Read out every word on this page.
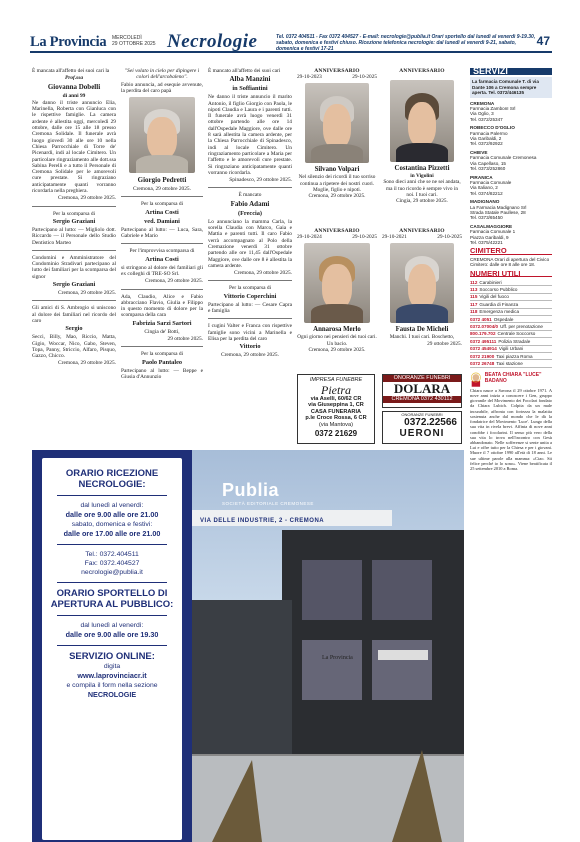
La Provincia MERCOLEDÌ
29 OTTOBRE 2025 Necrologie	Tel. 0372 404511 - Fax 0372 404527 - E-mail: necrologie@publia.it Orari sportello dal lunedì al venerdì 9-19.30, sabato, domenica e festivi chiuso. Ricezione telefonica necrologie: dal lunedì al venerdì 9-21, sabato, domenica e festivi 17-21
47

È mancata all'affetto dei suoi cari la

Prof.ssa

Giovanna Dobelli

di anni 99

Ne danno il triste annuncio Elia, Marinella, Roberta con Gianluca con le rispettive famiglie. La camera ardente è allestita oggi, mercoledì 29 ottobre, dalle ore 15 alle 18 presso Cremona Solidale. Il funerale avrà luogo giovedì 30 alle ore 10 nella Chiesa Parrocchiale di Torre de' Picenardi, indi al locale Cimitero. Un particolare ringraziamento alle dott.ssa Sabina Perelli e a tutto il Personale di Cremona Solidale per le amorevoli cure prestate. Si ringraziano anticipatamente quanti vorranno ricordarla nella preghiera.

Cremona, 29 ottobre 2025.

Per la scomparsa di

Sergio Graziani

Partecipano al lutto: — Migliolo dott. Riccardo — il Personale dello Studio Dentistico Marteo

Condomini e Amministratore del Condominio Stradivari partecipano al lutto dei familiari per la scomparsa del signor

Sergio Graziani

Cremona, 29 ottobre 2025.

Gli amici di S. Ambrogio si uniscono al dolore dei familiari nel ricordo del caro

Sergio

Secci, Billy, Mao, Riccio, Matta, Gigio, Woccar, Nico, Gabo, Steven, Topa, Panny, Striccio, Alfaro, Pisquo, Gazzo, Chicco.

Cremona, 29 ottobre 2025.

"Sei volato in cielo per dipingere i colori dell'arcobaleno".

Fabio annuncia, ad esequie avvenute, la perdita del caro papà

Giorgio Pedretti

Cremona, 29 ottobre 2025.

Per la scomparsa di

Artina Costi

ved. Damiani

Partecipano al lutto: — Luca, Sara, Gabriele e Mario

Per l'improvvisa scomparsa di

Artina Costi

si stringono al dolore dei familiari gli ex colleghi di TRE-SO Srl.

Cremona, 29 ottobre 2025.

Ada, Claudio, Alice e Fabio abbracciano Flavio, Giulia e Filippo in questo momento di dolore per la scomparsa della cara

Fabrizia Sarzi Sartori

Cingia de' Botti,

29 ottobre 2025.

Per la scomparsa di

Paolo Pantaleo

Partecipano al lutto: — Beppe e Giusia d'Annunzio

È mancato all'affetto dei suoi cari

Alba Manzini

in Soffiantini

Ne danno il triste annuncio il marito Antonio, il figlio Giorgio con Paola, le nipoti Claudia e Laura e i parenti tutti. Il funerale avrà luogo venerdì 31 ottobre partendo alle ore 14 dall'Ospedale Maggiore, ove dalle ore 8 sarà allestita la camera ardente, per la Chiesa Parrocchiale di Spinadesco, indi al locale Cimitero. Un ringraziamento particolare a Maria per l'affetto e le amorevoli cure prestate. Si ringraziano anticipatamente quanti vorranno ricordarla.

Spinadesco, 29 ottobre 2025.

È mancato

Fabio Adami

(Freccia)

Lo annunciano la mamma Carla, la sorella Claudia con Marco, Gaia e Mattia e parenti tutti. Il caro Fabio verrà accompagnato al Polo della Cremazione venerdì 31 ottobre partendo alle ore 11,45 dall'Ospedale Maggiore, ove dalle ore 8 è allestita la camera ardente.

Cremona, 29 ottobre 2025.

Per la scomparsa di

Vittorio Coperchini

Partecipano al lutto: — Cesare Capra e famiglia

I cugini Valter e Franca con rispettive famiglie sono vicini a Marinella e Elisa per la perdita del caro

Vittorio

Cremona, 29 ottobre 2025.

ANNIVERSARIO
29-10-2023	29-10-2025
Silvano Volpari
Nel silenzio dei ricordi il tuo sorriso continua a ripetere dei nostri cuori. Moglie, figlio e nipoti.
Cremona, 29 ottobre 2025.
ANNIVERSARIO
Costantina Pizzetti
in Vigolini
Sono dieci anni che se ne sei andata, ma il tuo ricordo è sempre vivo in noi. I tuoi cari.
Cingia, 29 ottobre 2025.
ANNIVERSARIO
29-10-2024	29-10-2025
Annarosa Merlo
Ogni giorno nei pensieri dei tuoi cari. Un bacio.
Cremona, 29 ottobre 2025.
ANNIVERSARIO
29-10-2021	29-10-2025
Fausta De Micheli
Manchi. I tuoi cari. Boschetto,
29 ottobre 2025.
IMPRESA FUNEBRE
Pietra
via Aselli, 60/62 CR
via Giuseppina 1, CR
CASA FUNERARIA
p.le Croce Rossa, 6 CR
(via Mantova)
0372 21629
ONORANZE FUNEBRI
DOLARA
CREMONA 0372 430112
ONORANZE FUNEBRI
0372.22566
UERONI
SERVIZI
La farmacia Comunale T. di via Dante 106 a Cremona sempre aperta. Tel. 0372/446135
CREMONA
Farmacia ZambonI Srl
Via Oglio, 3
Tel. 0372/25347
ROBECCO D'OGLIO
Farmacia Palermo
Via Garibaldi, 2
Tel. 0372/92922
CHIEVE
Farmacia Comunale Cremonesa
Via Capellaso, 15
Tel. 0373/252860
PIRANICA
Farmacia Comunale
Via Italiano, 2
Tel. 0374/82212
MADIGNANO
La Farmacia Madignano Srl
Strada Statale Paullese, 28
Tel. 0373/65450
CASALMAGGIORE
Farmacia Comunale 1
Piazza Garibaldi, 9
Tel. 0375/42221
CIMITERO
CREMONA Orari di apertura del Civico Cimitero: dalle ore 8 alle ore 18.
NUMERI UTILI
112 Carabinieri
113 Soccorso Pubblico
115 Vigili del fuoco
117 Guardia di Finanza
118 Emergenza medica
0372 4051 Ospedale
0372.07004/0 Uff. per prenotazione
800.179.702 Centrale Soccorso
0372 495111 Polizia Stradale
0372 454914 Vigili Urbani
0372 21900 Taxi piazza Roma
0372 26748 Taxi stazione
BEATA CHIARA "LUCE" BADANO
Chiara nasce a Savona il 29 ottobre 1971. A nove anni inizia a conoscere i Gen, gruppo giovanile del Movimento dei Focolari fondato da Chiara Lubich. Colpita da un male incurabile, affronta con fortezza la malattia sostenuta anche dal mondo che le dà la fondatrice del Movimento 'Luce'. Lungo della sua vita in rivela brevi. Affinta di nove anni conobbe i focolarini. Il senso più vero della sua vita lo trova nell'incontro con Gesù abbandonato. Nelle sofferenze si sente unita a Lui e offre tutto per la Chiesa e per i giovani. Muore il 7 ottobre 1990 all'età di 18 anni. Le sue ultime parole alla mamma: «Ciao. Sii felice perché io lo sono». Viene beatificata il 25 settembre 2010 a Roma.
Publia
SOCIETÀ EDITORIALE CREMONESE
VIA DELLE INDUSTRIE, 2 - CREMONA
La Provincia
ORARIO RICEZIONE NECROLOGIE:
dal lunedì al venerdì:
dalle ore 9.00 alle ore 21.00
sabato, domenica e festivi:
dalle ore 17.00 alle ore 21.00
Tel.: 0372.404511
Fax: 0372.404527
necrologie@publia.it
ORARIO SPORTELLO DI APERTURA AL PUBBLICO:
dal lunedì al venerdì:
dalle ore 9.00 alle ore 19.30
SERVIZIO ONLINE:
digita
www.laprovinciacr.it
e compila il form nella sezione
NECROLOGIE
